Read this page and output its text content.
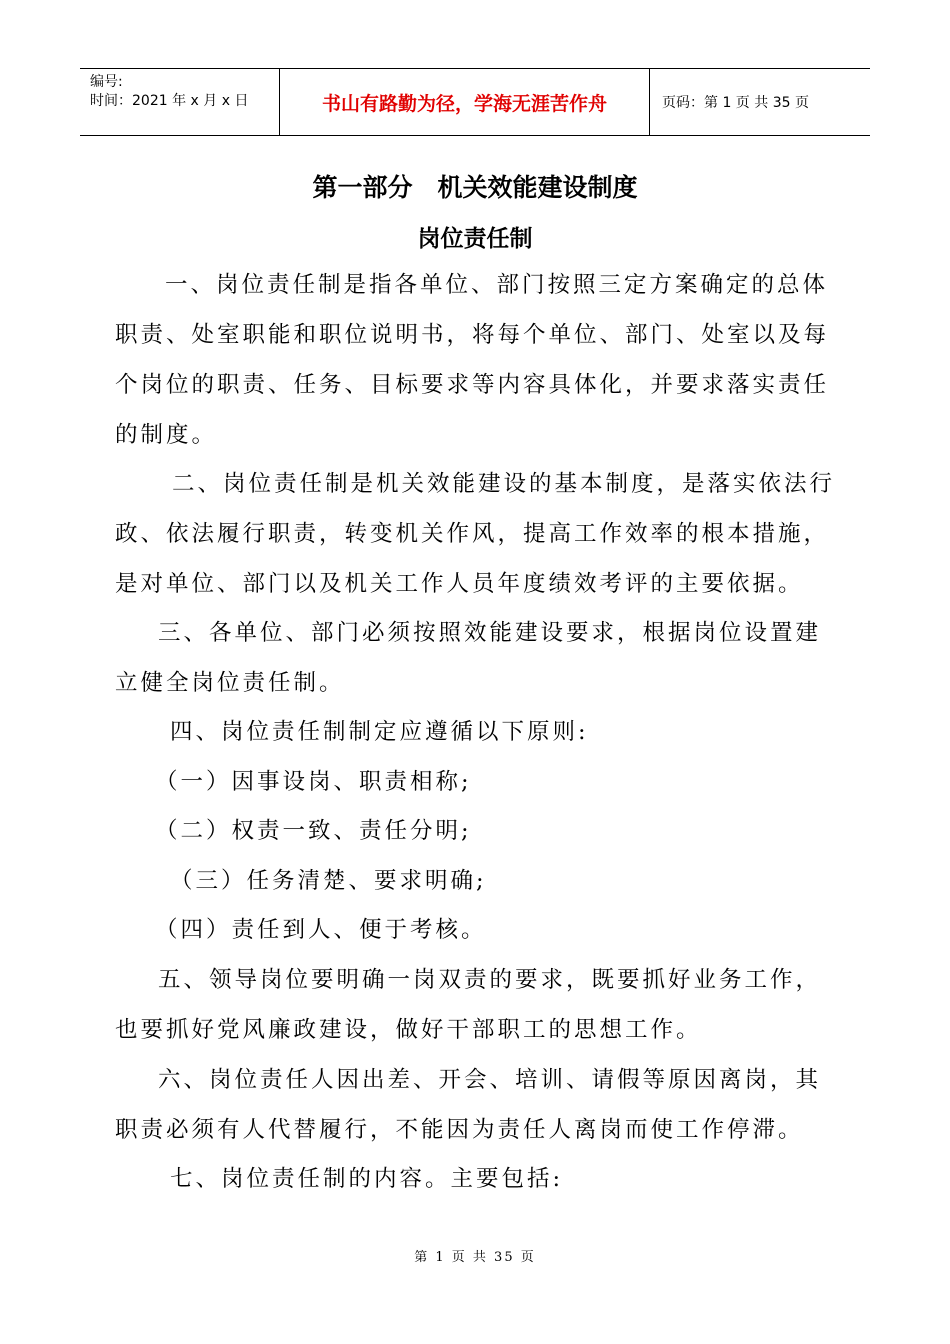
编号:
时间：2021 年 x 月 x 日	书山有路勤为径，学海无涯苦作舟	页码：第 1 页 共 35 页
第一部分　机关效能建设制度
岗位责任制
一、岗位责任制是指各单位、部门按照三定方案确定的总体
职责、处室职能和职位说明书，将每个单位、部门、处室以及每
个岗位的职责、任务、目标要求等内容具体化，并要求落实责任
的制度。
二、岗位责任制是机关效能建设的基本制度，是落实依法行
政、依法履行职责，转变机关作风，提高工作效率的根本措施，
是对单位、部门以及机关工作人员年度绩效考评的主要依据。
三、各单位、部门必须按照效能建设要求，根据岗位设置建
立健全岗位责任制。
四、岗位责任制制定应遵循以下原则:
（一）因事设岗、职责相称;
（二）权责一致、责任分明;
（三）任务清楚、要求明确;
（四）责任到人、便于考核。
五、领导岗位要明确一岗双责的要求，既要抓好业务工作，
也要抓好党风廉政建设，做好干部职工的思想工作。
六、岗位责任人因出差、开会、培训、请假等原因离岗，其
职责必须有人代替履行，不能因为责任人离岗而使工作停滞。
七、岗位责任制的内容。主要包括:
第 1 页 共 35 页
